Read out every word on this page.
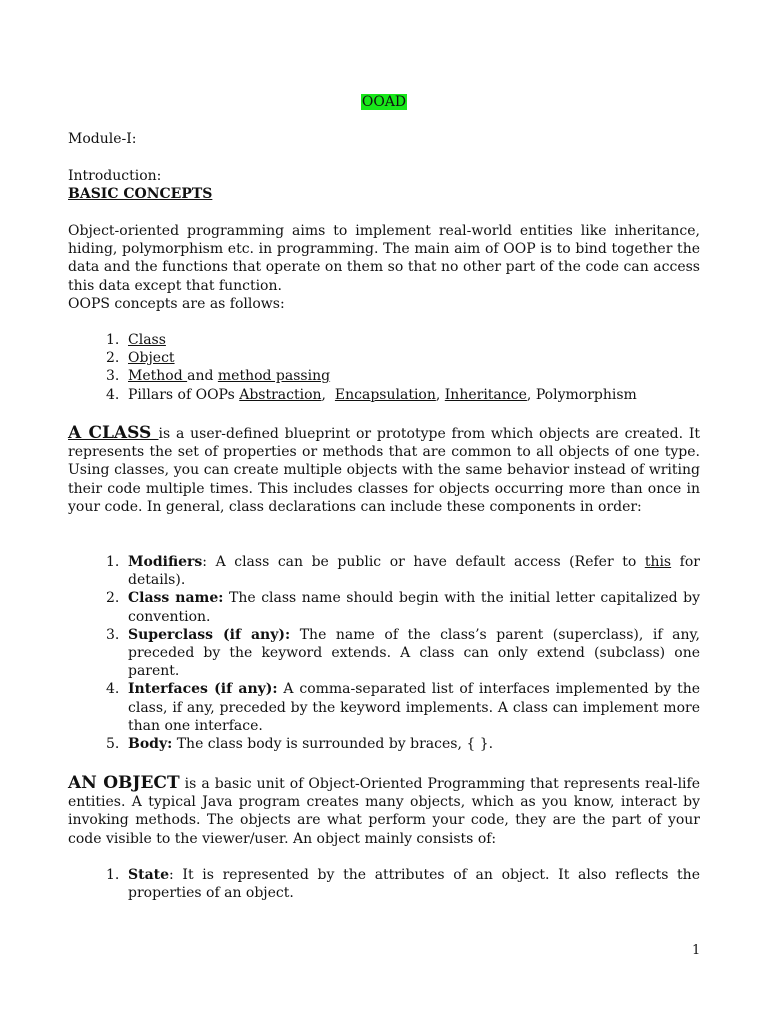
OOAD
Module-I:
Introduction:
BASIC CONCEPTS
Object-oriented programming aims to implement real-world entities like inheritance, hiding, polymorphism etc. in programming. The main aim of OOP is to bind together the data and the functions that operate on them so that no other part of the code can access this data except that function.
OOPS concepts are as follows:
1. Class
2. Object
3. Method and method passing
4. Pillars of OOPs Abstraction,  Encapsulation, Inheritance, Polymorphism
A CLASS is a user-defined blueprint or prototype from which objects are created. It represents the set of properties or methods that are common to all objects of one type. Using classes, you can create multiple objects with the same behavior instead of writing their code multiple times. This includes classes for objects occurring more than once in your code. In general, class declarations can include these components in order:
1. Modifiers: A class can be public or have default access (Refer to this for details).
2. Class name: The class name should begin with the initial letter capitalized by convention.
3. Superclass (if any): The name of the class’s parent (superclass), if any, preceded by the keyword extends. A class can only extend (subclass) one parent.
4. Interfaces (if any): A comma-separated list of interfaces implemented by the class, if any, preceded by the keyword implements. A class can implement more than one interface.
5. Body: The class body is surrounded by braces, { }.
AN OBJECT is a basic unit of Object-Oriented Programming that represents real-life entities. A typical Java program creates many objects, which as you know, interact by invoking methods. The objects are what perform your code, they are the part of your code visible to the viewer/user. An object mainly consists of:
1. State: It is represented by the attributes of an object. It also reflects the properties of an object.
1
